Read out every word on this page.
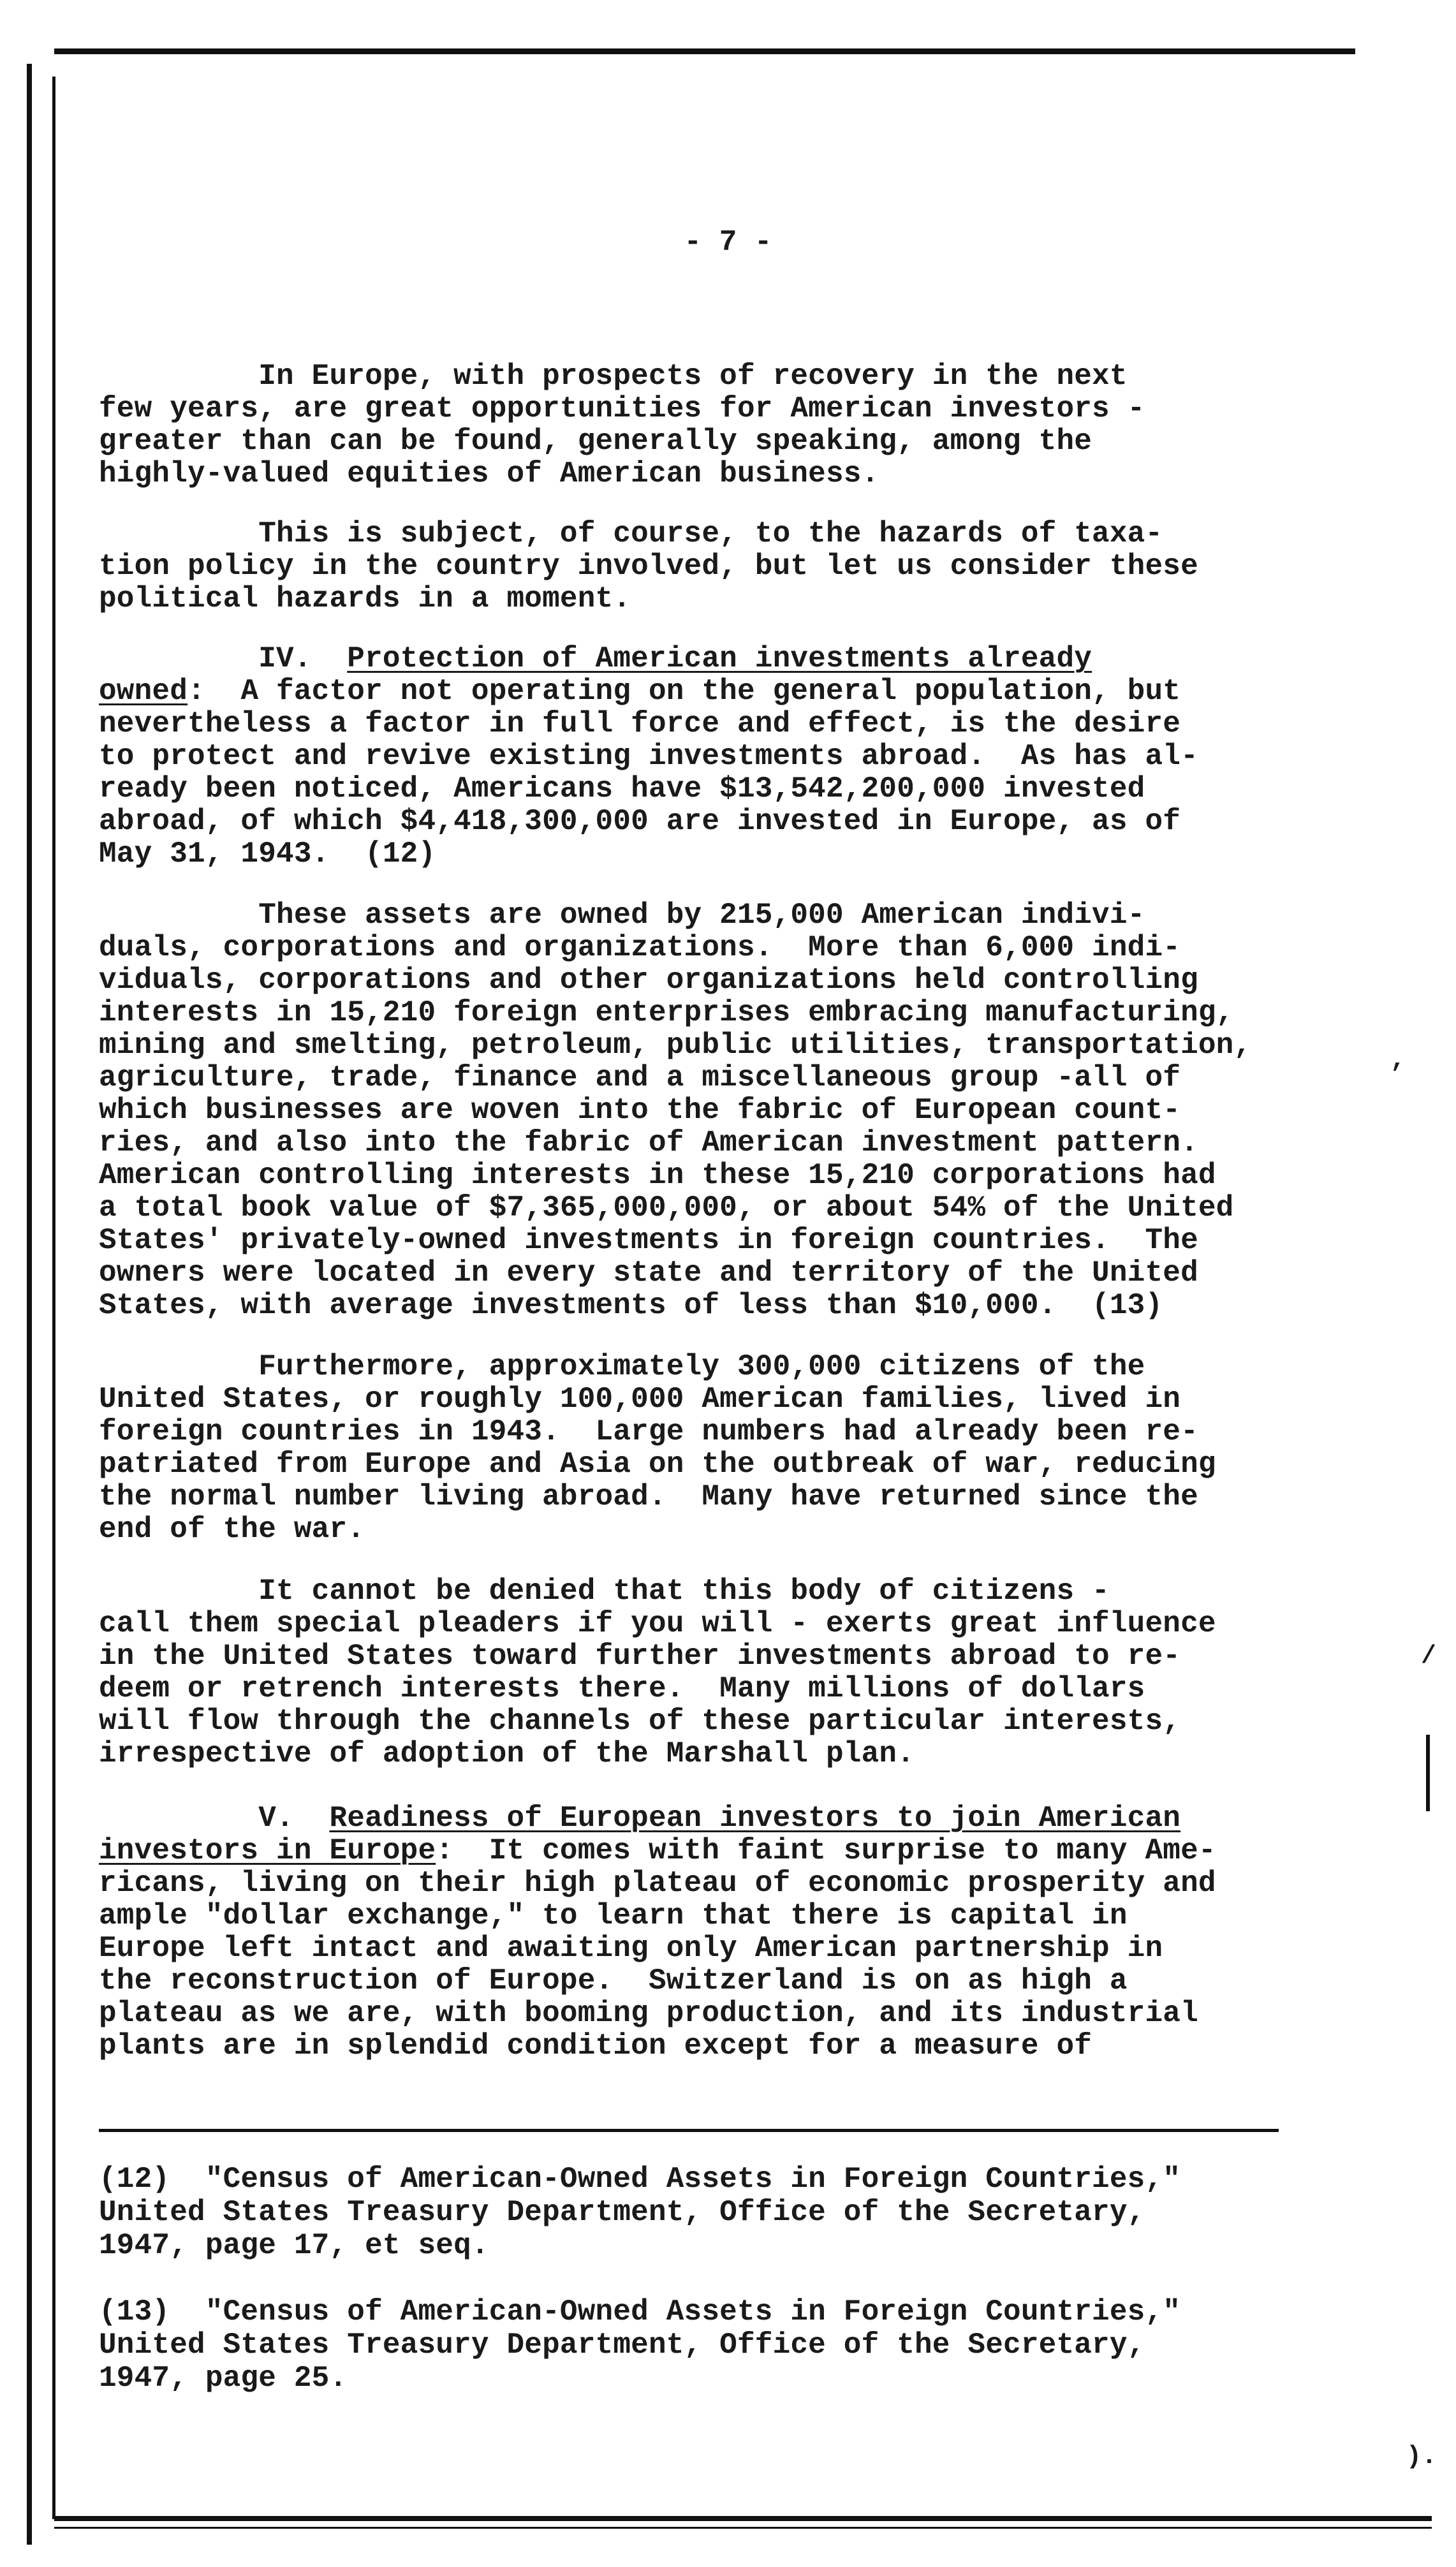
- 7 -
In Europe, with prospects of recovery in the next
few years, are great opportunities for American investors -
greater than can be found, generally speaking, among the
highly-valued equities of American business.
This is subject, of course, to the hazards of taxa-
tion policy in the country involved, but let us consider these
political hazards in a moment.
IV.  Protection of American investments already
owned:  A factor not operating on the general population, but
nevertheless a factor in full force and effect, is the desire
to protect and revive existing investments abroad.  As has al-
ready been noticed, Americans have $13,542,200,000 invested
abroad, of which $4,418,300,000 are invested in Europe, as of
May 31, 1943.  (12)
These assets are owned by 215,000 American indivi-
duals, corporations and organizations.  More than 6,000 indi-
viduals, corporations and other organizations held controlling
interests in 15,210 foreign enterprises embracing manufacturing,
mining and smelting, petroleum, public utilities, transportation,
agriculture, trade, finance and a miscellaneous group -all of
which businesses are woven into the fabric of European count-
ries, and also into the fabric of American investment pattern.
American controlling interests in these 15,210 corporations had
a total book value of $7,365,000,000, or about 54% of the United
States' privately-owned investments in foreign countries.  The
owners were located in every state and territory of the United
States, with average investments of less than $10,000.  (13)
Furthermore, approximately 300,000 citizens of the
United States, or roughly 100,000 American families, lived in
foreign countries in 1943.  Large numbers had already been re-
patriated from Europe and Asia on the outbreak of war, reducing
the normal number living abroad.  Many have returned since the
end of the war.
It cannot be denied that this body of citizens -
call them special pleaders if you will - exerts great influence
in the United States toward further investments abroad to re-
deem or retrench interests there.  Many millions of dollars
will flow through the channels of these particular interests,
irrespective of adoption of the Marshall plan.
V.  Readiness of European investors to join American
investors in Europe:  It comes with faint surprise to many Ame-
ricans, living on their high plateau of economic prosperity and
ample "dollar exchange," to learn that there is capital in
Europe left intact and awaiting only American partnership in
the reconstruction of Europe.  Switzerland is on as high a
plateau as we are, with booming production, and its industrial
plants are in splendid condition except for a measure of
(12)  "Census of American-Owned Assets in Foreign Countries,"
United States Treasury Department, Office of the Secretary,
1947, page 17, et seq.
(13)  "Census of American-Owned Assets in Foreign Countries,"
United States Treasury Department, Office of the Secretary,
1947, page 25.
,
/
).
